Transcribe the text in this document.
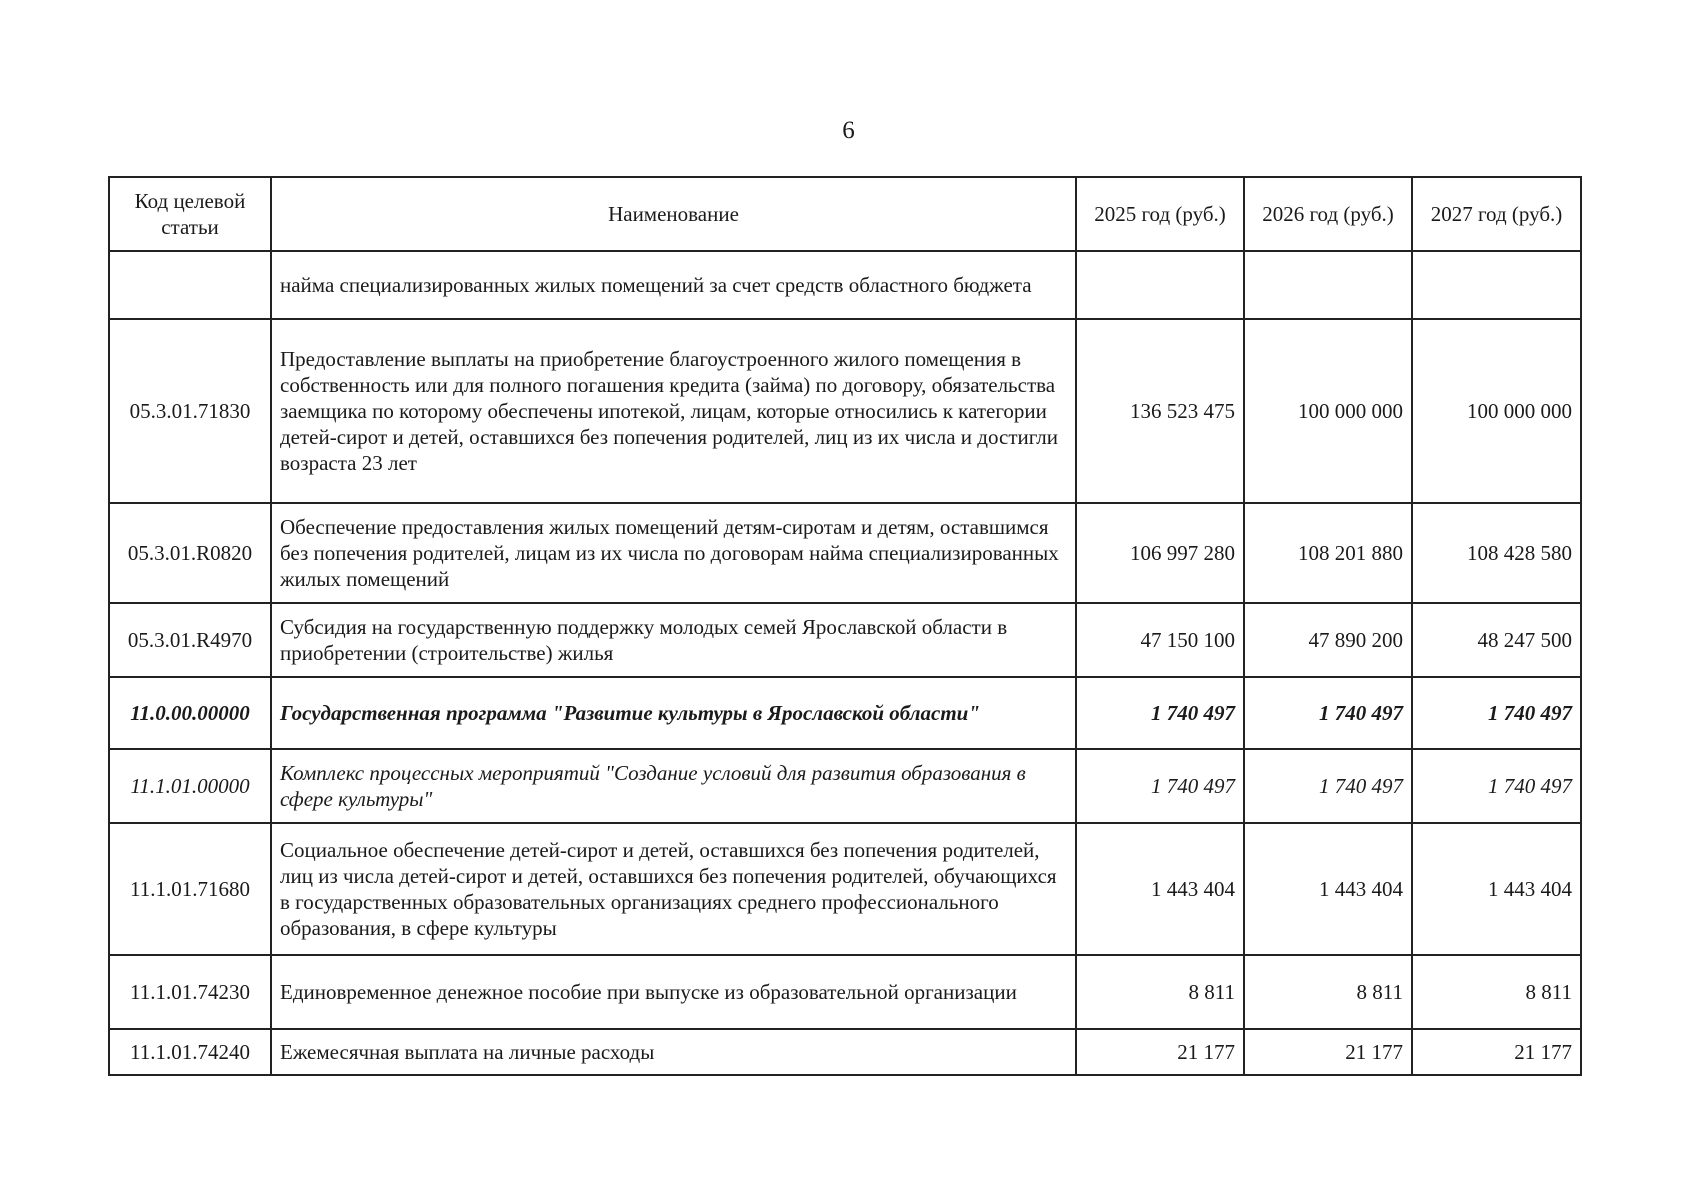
6
Код целевой статьи	Наименование	2025 год (руб.)	2026 год (руб.)	2027 год (руб.)
	найма специализированных жилых помещений за счет средств областного бюджета			
05.3.01.71830	Предоставление выплаты на приобретение благоустроенного жилого помещения в собственность или для полного погашения кредита (займа) по договору, обязательства заемщика по которому обеспечены ипотекой, лицам, которые относились к категории детей-сирот и детей, оставшихся без попечения родителей, лиц из их числа и достигли возраста 23 лет	136 523 475	100 000 000	100 000 000
05.3.01.R0820	Обеспечение предоставления жилых помещений детям-сиротам и детям, оставшимся без попечения родителей, лицам из их числа по договорам найма специализированных жилых помещений	106 997 280	108 201 880	108 428 580
05.3.01.R4970	Субсидия на государственную поддержку молодых семей Ярославской области в приобретении (строительстве) жилья	47 150 100	47 890 200	48 247 500
11.0.00.00000	Государственная программа "Развитие культуры в Ярославской области"	1 740 497	1 740 497	1 740 497
11.1.01.00000	Комплекс процессных мероприятий "Создание условий для развития образования в сфере культуры"	1 740 497	1 740 497	1 740 497
11.1.01.71680	Социальное обеспечение детей-сирот и детей, оставшихся без попечения родителей, лиц из числа детей-сирот и детей, оставшихся без попечения родителей, обучающихся в государственных образовательных организациях среднего профессионального образования, в сфере культуры	1 443 404	1 443 404	1 443 404
11.1.01.74230	Единовременное денежное пособие при выпуске из образовательной организации	8 811	8 811	8 811
11.1.01.74240	Ежемесячная выплата на личные расходы	21 177	21 177	21 177
